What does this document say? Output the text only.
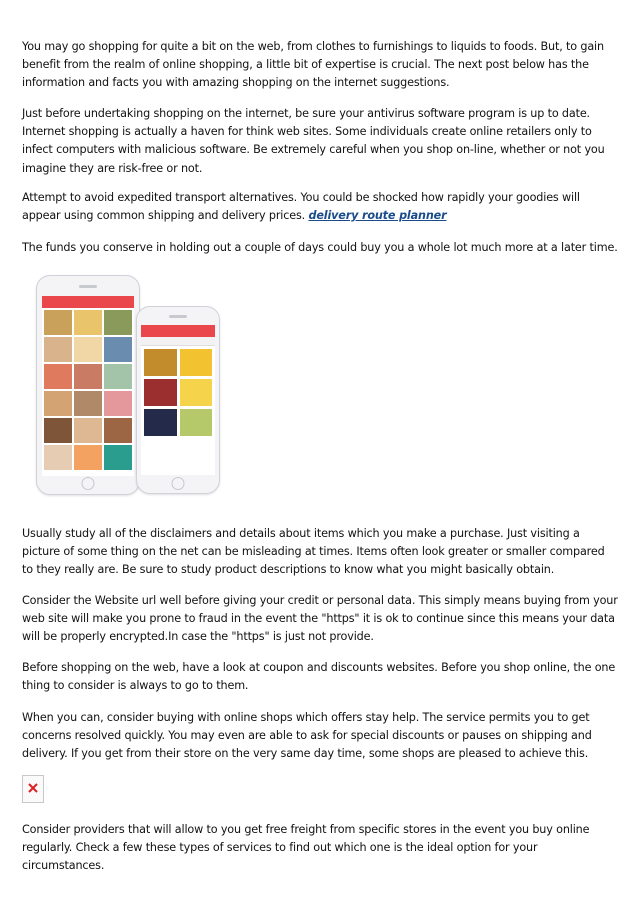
You may go shopping for quite a bit on the web, from clothes to furnishings to liquids to foods. But, to gain benefit from the realm of online shopping, a little bit of expertise is crucial. The next post below has the information and facts you with amazing shopping on the internet suggestions.

Just before undertaking shopping on the internet, be sure your antivirus software program is up to date. Internet shopping is actually a haven for think web sites. Some individuals create online retailers only to infect computers with malicious software. Be extremely careful when you shop on-line, whether or not you imagine they are risk-free or not.

Attempt to avoid expedited transport alternatives. You could be shocked how rapidly your goodies will appear using common shipping and delivery prices. delivery route planner

The funds you conserve in holding out a couple of days could buy you a whole lot much more at a later time.

Usually study all of the disclaimers and details about items which you make a purchase. Just visiting a picture of some thing on the net can be misleading at times. Items often look greater or smaller compared to they really are. Be sure to study product descriptions to know what you might basically obtain.

Consider the Website url well before giving your credit or personal data. This simply means buying from your web site will make you prone to fraud in the event the "https" it is ok to continue since this means your data will be properly encrypted.In case the "https" is just not provide.

Before shopping on the web, have a look at coupon and discounts websites. Before you shop online, the one thing to consider is always to go to them.

When you can, consider buying with online shops which offers stay help. The service permits you to get concerns resolved quickly. You may even are able to ask for special discounts or pauses on shipping and delivery. If you get from their store on the very same day time, some shops are pleased to achieve this.

Consider providers that will allow to you get free freight from specific stores in the event you buy online regularly. Check a few these types of services to find out which one is the ideal option for your circumstances.
